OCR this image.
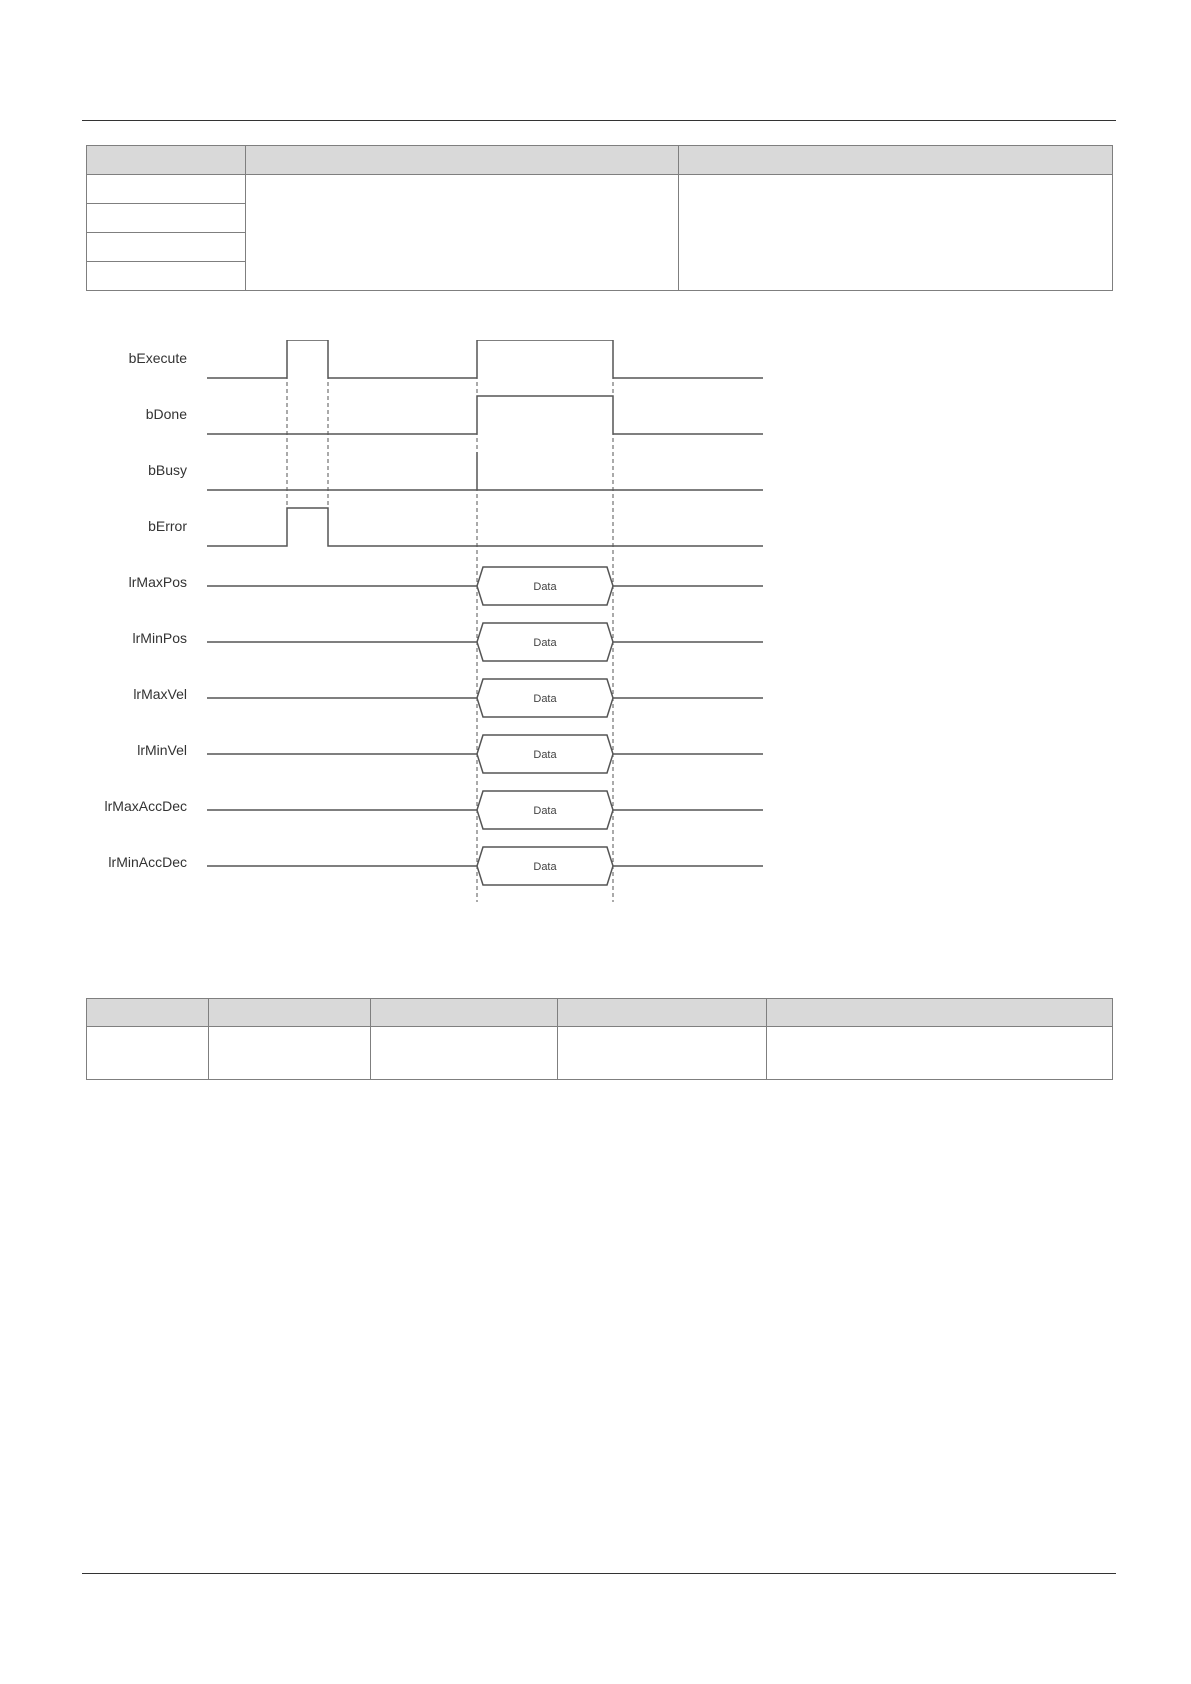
bExecute
bDone
bBusy
bError
lrMaxPos	Data
lrMinPos	Data
lrMaxVel	Data
lrMinVel	Data
lrMaxAccDec	Data
lrMinAccDec	Data
